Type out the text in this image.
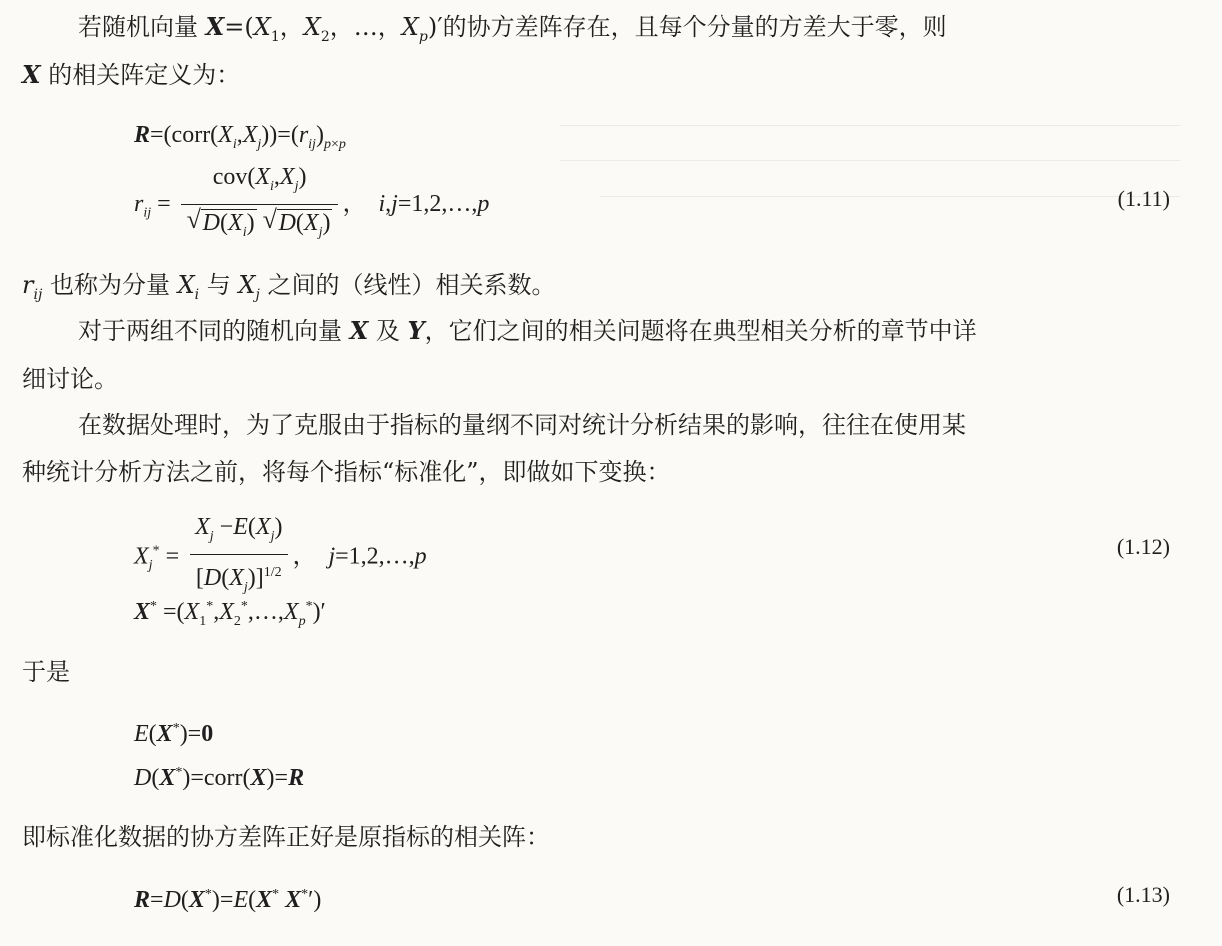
若随机向量 $X=(X_1$，$X_2$，…，$X_p)'$的协方差阵存在，且每个分量的方差大于零，则
X 的相关阵定义为：
$R=(corr(X_i,X_j))=(r_{ij})_{p\times p}$
$r_{ij} = cov(X_i,X_j)$
√ $D(X_i)$ √ $D(X_j)$ ，  i,j=1,2,…,p	(1.11)
$r_{ij}$ 也称为分量 $X_i$ 与 $X_j$ 之间的（线性）相关系数。
对于两组不同的随机向量 X 及 Y，它们之间的相关问题将在典型相关分析的章节中详
细讨论。
在数据处理时，为了克服由于指标的量纲不同对统计分析结果的影响，往往在使用某
种统计分析方法之前，将每个指标“标准化”，即做如下变换：
$X_j^* = \frac{X_j -E(X_j)}{[D(X_j)]^{1/2}}$ ，  j=1,2,…,p	(1.12)
$X^* =(X_1^*,X_2^*,\dots,X_p^*)'$
于是
E(X*)=0
D(X*)=corr(X)=R
即标准化数据的协方差阵正好是原指标的相关阵：
R=D(X*)=E(X* X*′)	(1.13)
